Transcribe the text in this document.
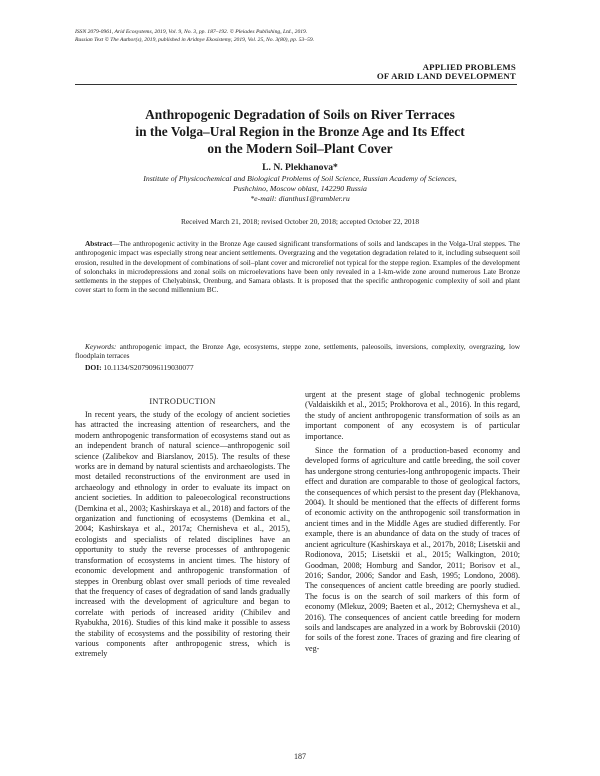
ISSN 2079-0961, Arid Ecosystems, 2019, Vol. 9, No. 3, pp. 187–192. © Pleiades Publishing, Ltd., 2019.
Russian Text © The Author(s), 2019, published in Aridnye Ekosistemy, 2019, Vol. 25, No. 3(80), pp. 53–59.
APPLIED PROBLEMS
OF ARID LAND DEVELOPMENT
Anthropogenic Degradation of Soils on River Terraces
in the Volga–Ural Region in the Bronze Age and Its Effect
on the Modern Soil–Plant Cover
L. N. Plekhanova*
Institute of Physicochemical and Biological Problems of Soil Science, Russian Academy of Sciences,
Pushchino, Moscow oblast, 142290 Russia
*e-mail: dianthus1@rambler.ru
Received March 21, 2018; revised October 20, 2018; accepted October 22, 2018

Abstract—The anthropogenic activity in the Bronze Age caused significant transformations of soils and landscapes in the Volga-Ural steppes. The anthropogenic impact was especially strong near ancient settlements. Overgrazing and the vegetation degradation related to it, including subsequent soil erosion, resulted in the development of combinations of soil–plant cover and microrelief not typical for the steppe region. Examples of the development of solonchaks in microdepressions and zonal soils on microelevations have been only revealed in a 1-km-wide zone around numerous Late Bronze settlements in the steppes of Chelyabinsk, Orenburg, and Samara oblasts. It is proposed that the specific anthropogenic complexity of soil and plant cover start to form in the second millennium BC.

Keywords: anthropogenic impact, the Bronze Age, ecosystems, steppe zone, settlements, paleosoils, inversions, complexity, overgrazing, low floodplain terraces

DOI: 10.1134/S2079096119030077
INTRODUCTION

In recent years, the study of the ecology of ancient societies has attracted the increasing attention of researchers, and the modern anthropogenic transformation of ecosystems stand out as an independent branch of natural science—anthropogenic soil science (Zalibekov and Biarslanov, 2015). The results of these works are in demand by natural scientists and archaeologists. The most detailed reconstructions of the environment are used in archaeology and ethnology in order to evaluate its impact on ancient societies. In addition to paleoecological reconstructions (Demkina et al., 2003; Kashirskaya et al., 2018) and factors of the organization and functioning of ecosystems (Demkina et al., 2004; Kashirskaya et al., 2017a; Chernisheva et al., 2015), ecologists and specialists of related disciplines have an opportunity to study the reverse processes of anthropogenic transformation of ecosystems in ancient times. The history of economic development and anthropogenic transformation of steppes in Orenburg oblast over small periods of time revealed that the frequency of cases of degradation of sand lands gradually increased with the development of agriculture and began to correlate with periods of increased aridity (Chibilev and Ryabukha, 2016). Studies of this kind make it possible to assess the stability of ecosystems and the possibility of restoring their various components after anthropogenic stress, which is extremely

urgent at the present stage of global technogenic problems (Valdaiskikh et al., 2015; Prokhorova et al., 2016). In this regard, the study of ancient anthropogenic transformation of soils as an important component of any ecosystem is of particular importance.

Since the formation of a production-based economy and developed forms of agriculture and cattle breeding, the soil cover has undergone strong centuries-long anthropogenic impacts. Their effect and duration are comparable to those of geological factors, the consequences of which persist to the present day (Plekhanova, 2004). It should be mentioned that the effects of different forms of economic activity on the anthropogenic soil transformation in ancient times and in the Middle Ages are studied differently. For example, there is an abundance of data on the study of traces of ancient agriculture (Kashirskaya et al., 2017b, 2018; Lisetskii and Rodionova, 2015; Lisetskii et al., 2015; Walkington, 2010; Goodman, 2008; Homburg and Sandor, 2011; Borisov et al., 2016; Sandor, 2006; Sandor and Eash, 1995; Londono, 2008). The consequences of ancient cattle breeding are poorly studied. The focus is on the search of soil markers of this form of economy (Mlekuz, 2009; Baeten et al., 2012; Chernysheva et al., 2016). The consequences of ancient cattle breeding for modern soils and landscapes are analyzed in a work by Bobrovskii (2010) for soils of the forest zone. Traces of grazing and fire clearing of veg-

187
